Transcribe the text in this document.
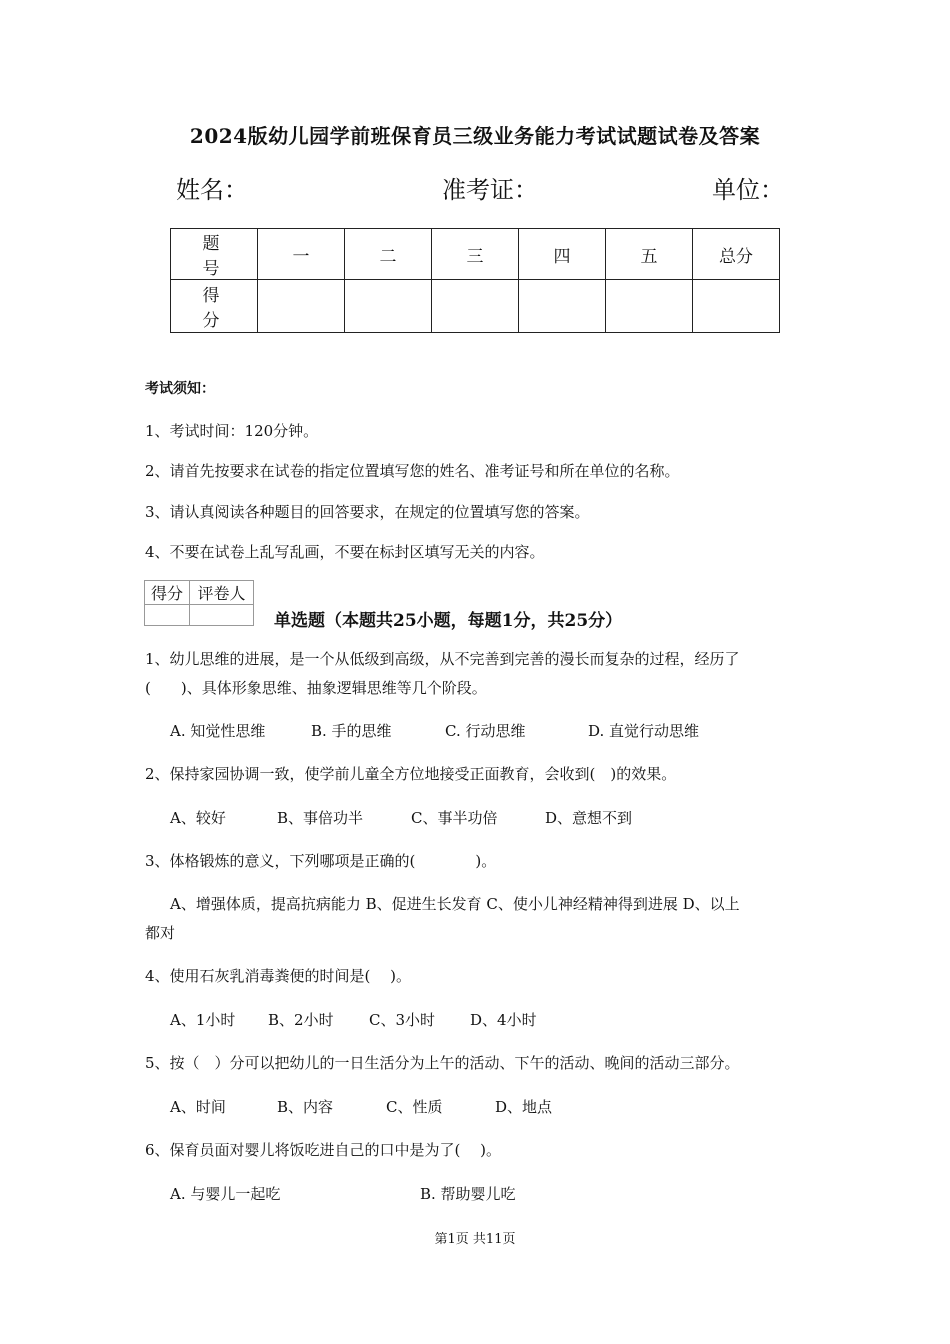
2024版幼儿园学前班保育员三级业务能力考试试题试卷及答案
姓名：	准考证：	单位：
题 号	一	二	三	四	五	总分
得 分						
考试须知：
1、考试时间：120分钟。
2、请首先按要求在试卷的指定位置填写您的姓名、准考证号和所在单位的名称。
3、请认真阅读各种题目的回答要求，在规定的位置填写您的答案。
4、不要在试卷上乱写乱画，不要在标封区填写无关的内容。
得分	评卷人

单选题（本题共25小题，每题1分，共25分）
1、幼儿思维的进展，是一个从低级到高级，从不完善到完善的漫长而复杂的过程，经历了
(　　)、具体形象思维、抽象逻辑思维等几个阶段。
A. 知觉性思维	B. 手的思维	C. 行动思维	D. 直觉行动思维
2、保持家园协调一致，使学前儿童全方位地接受正面教育，会收到(　)的效果。
A、较好	B、事倍功半	C、事半功倍	D、意想不到
3、体格锻炼的意义，下列哪项是正确的(　　　　)。
A、增强体质，提高抗病能力 B、促进生长发育 C、使小儿神经精神得到进展 D、以上
都对
4、使用石灰乳消毒粪便的时间是(　 )。
A、1小时 B、2小时 C、3小时 D、4小时
5、按（　）分可以把幼儿的一日生活分为上午的活动、下午的活动、晚间的活动三部分。
A、时间	B、内容	C、性质	D、地点
6、保育员面对婴儿将饭吃进自己的口中是为了(　 )。
A. 与婴儿一起吃	B. 帮助婴儿吃
第1页 共11页
